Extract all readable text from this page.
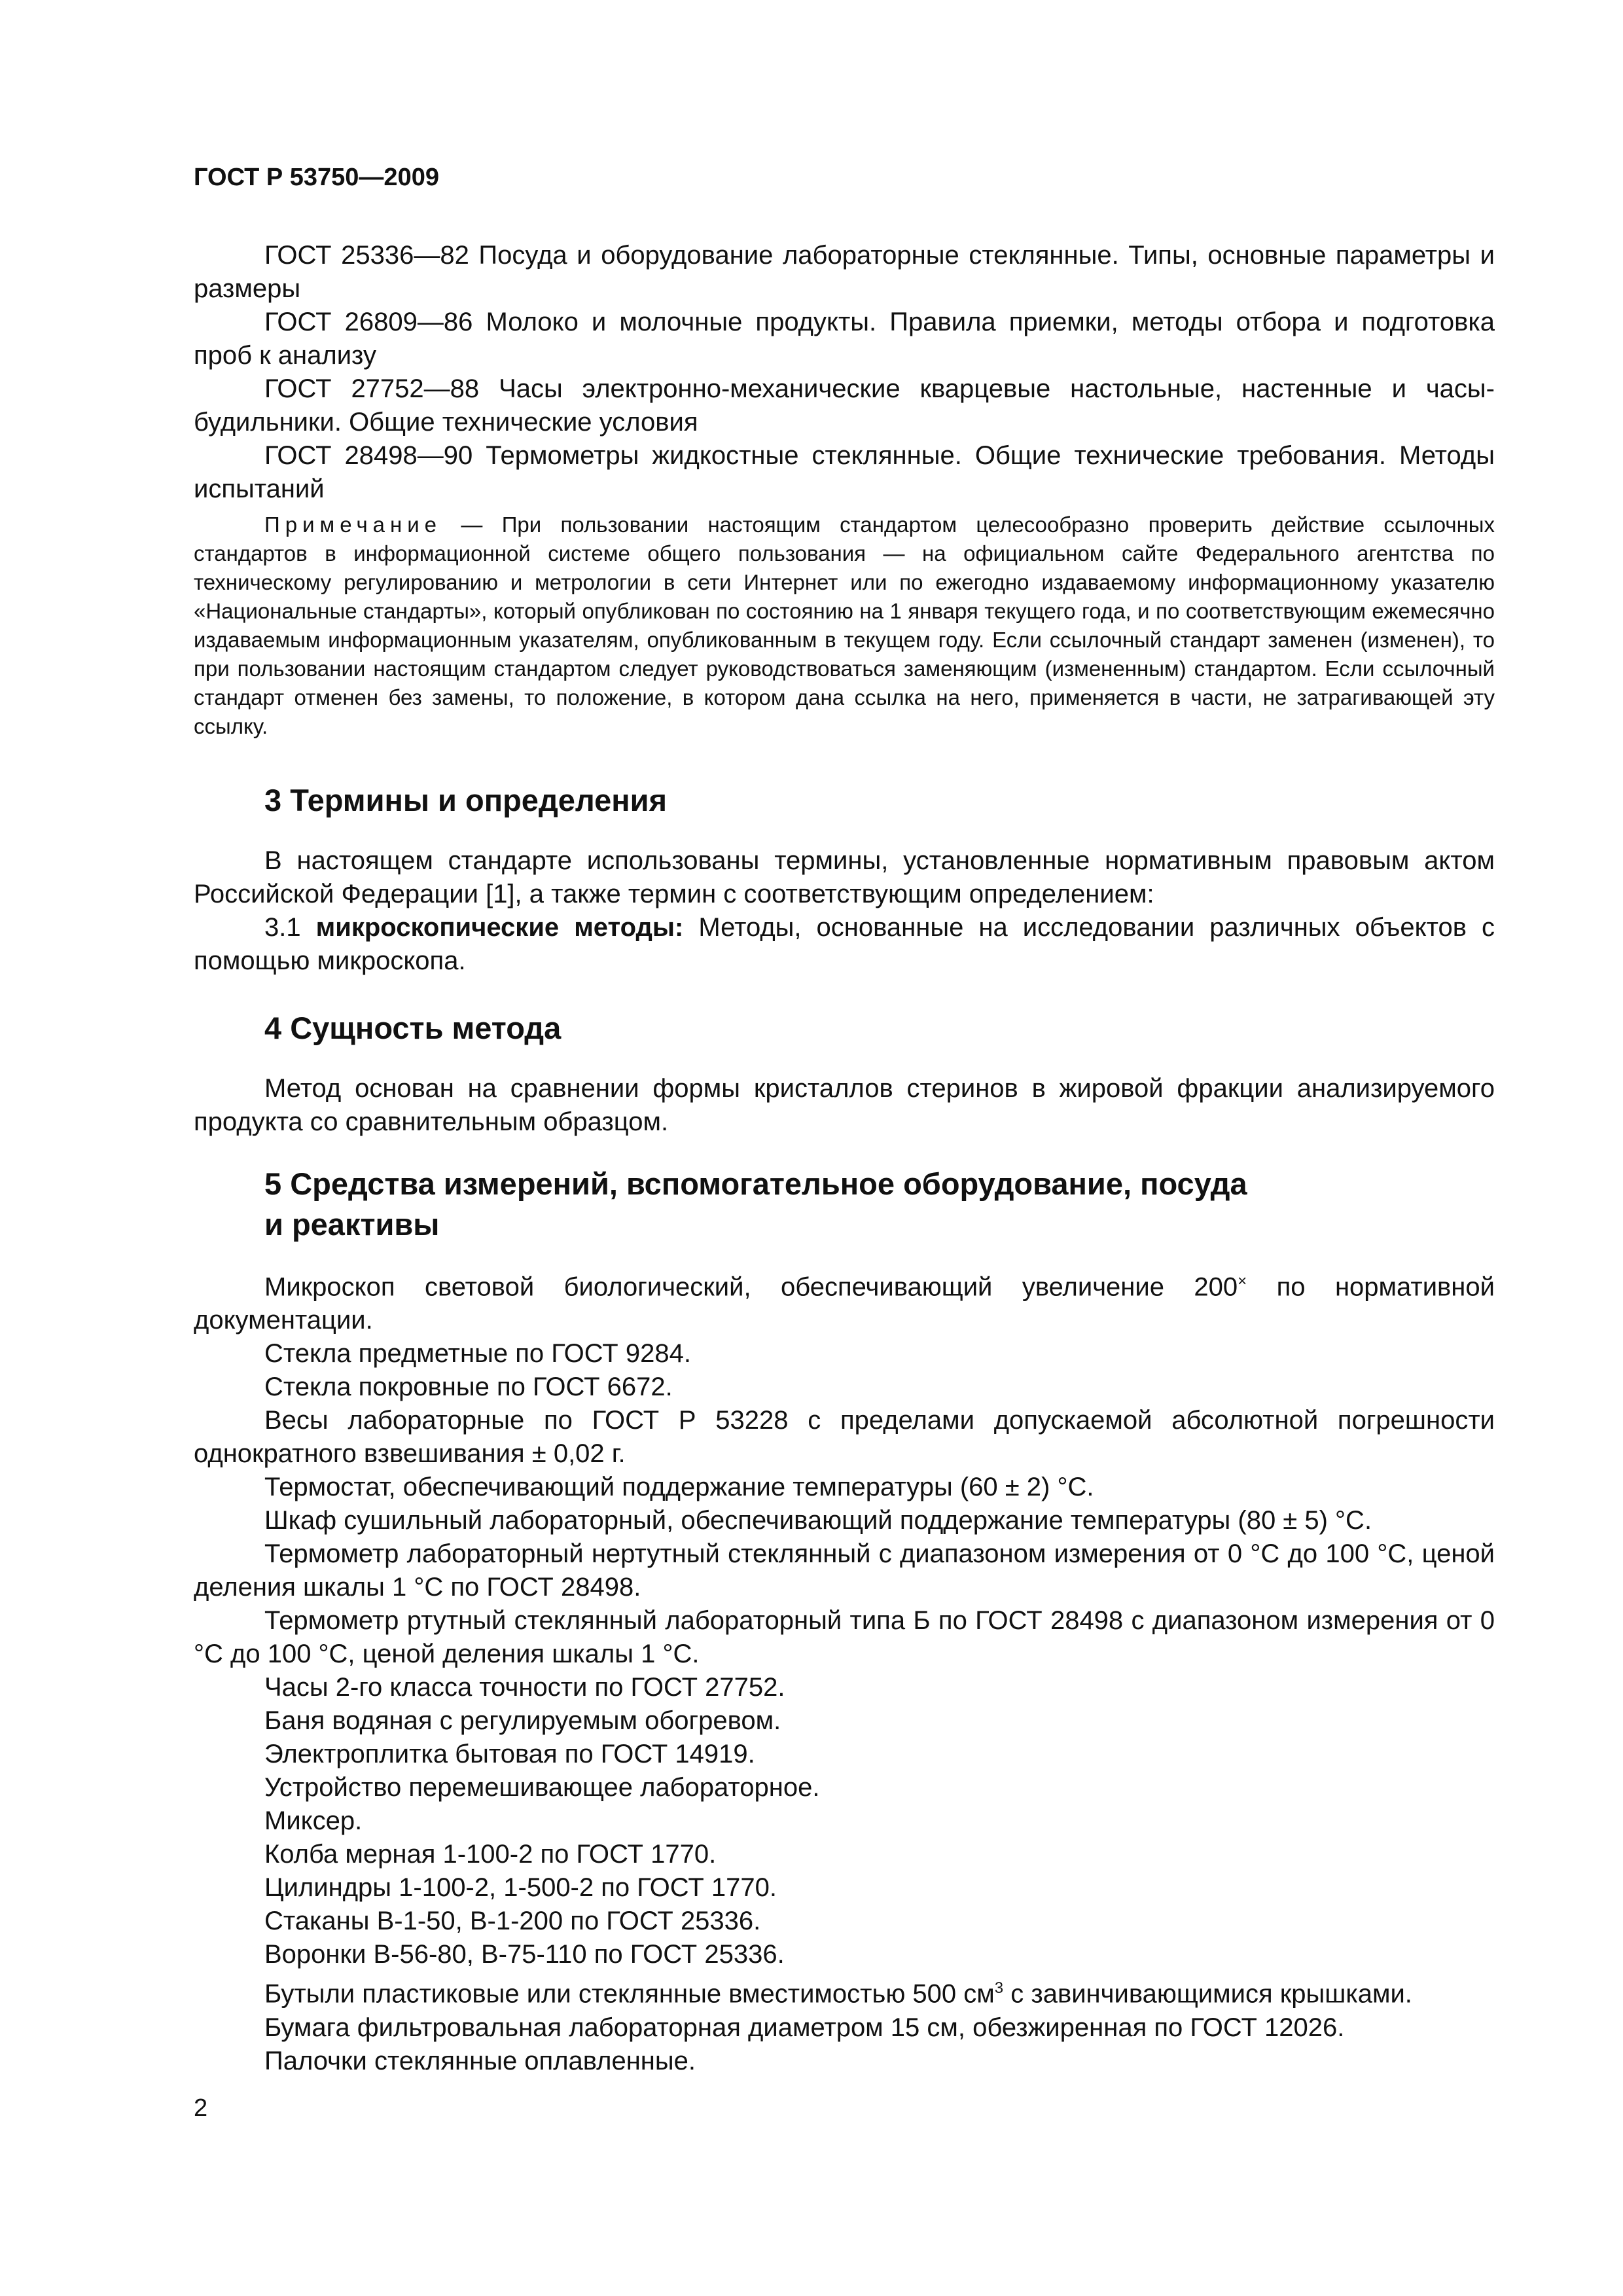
ГОСТ Р 53750—2009

ГОСТ 25336—82 Посуда и оборудование лабораторные стеклянные. Типы, основные параметры и размеры

ГОСТ 26809—86 Молоко и молочные продукты. Правила приемки, методы отбора и подготовка проб к анализу

ГОСТ 27752—88 Часы электронно-механические кварцевые настольные, настенные и часы-будильники. Общие технические условия

ГОСТ 28498—90 Термометры жидкостные стеклянные. Общие технические требования. Методы испытаний

Примечание — При пользовании настоящим стандартом целесообразно проверить действие ссылочных стандартов в информационной системе общего пользования — на официальном сайте Федерального агентства по техническому регулированию и метрологии в сети Интернет или по ежегодно издаваемому информационному указателю «Национальные стандарты», который опубликован по состоянию на 1 января текущего года, и по соответствующим ежемесячно издаваемым информационным указателям, опубликованным в текущем году. Если ссылочный стандарт заменен (изменен), то при пользовании настоящим стандартом следует руководствоваться заменяющим (измененным) стандартом. Если ссылочный стандарт отменен без замены, то положение, в котором дана ссылка на него, применяется в части, не затрагивающей эту ссылку.

3 Термины и определения

В настоящем стандарте использованы термины, установленные нормативным правовым актом Российской Федерации [1], а также термин с соответствующим определением:

3.1 микроскопические методы: Методы, основанные на исследовании различных объектов с помощью микроскопа.

4 Сущность метода

Метод основан на сравнении формы кристаллов стеринов в жировой фракции анализируемого продукта со сравнительным образцом.

5 Средства измерений, вспомогательное оборудование, посуда
и реактивы

Микроскоп световой биологический, обеспечивающий увеличение 200× по нормативной документации.

Стекла предметные по ГОСТ 9284.

Стекла покровные по ГОСТ 6672.

Весы лабораторные по ГОСТ Р 53228 с пределами допускаемой абсолютной погрешности однократного взвешивания ± 0,02 г.

Термостат, обеспечивающий поддержание температуры (60 ± 2) °С.

Шкаф сушильный лабораторный, обеспечивающий поддержание температуры (80 ± 5) °С.

Термометр лабораторный нертутный стеклянный с диапазоном измерения от 0 °С до 100 °С, ценой деления шкалы 1 °С по ГОСТ 28498.

Термометр ртутный стеклянный лабораторный типа Б по ГОСТ 28498 с диапазоном измерения от 0 °С до 100 °С, ценой деления шкалы 1 °С.

Часы 2-го класса точности по ГОСТ 27752.

Баня водяная с регулируемым обогревом.

Электроплитка бытовая по ГОСТ 14919.

Устройство перемешивающее лабораторное.

Миксер.

Колба мерная 1-100-2 по ГОСТ 1770.

Цилиндры 1-100-2, 1-500-2 по ГОСТ 1770.

Стаканы В-1-50, В-1-200 по ГОСТ 25336.

Воронки В-56-80, В-75-110 по ГОСТ 25336.

Бутыли пластиковые или стеклянные вместимостью 500 $см^3$ с завинчивающимися крышками.

Бумага фильтровальная лабораторная диаметром 15 см, обезжиренная по ГОСТ 12026.

Палочки стеклянные оплавленные.

2
